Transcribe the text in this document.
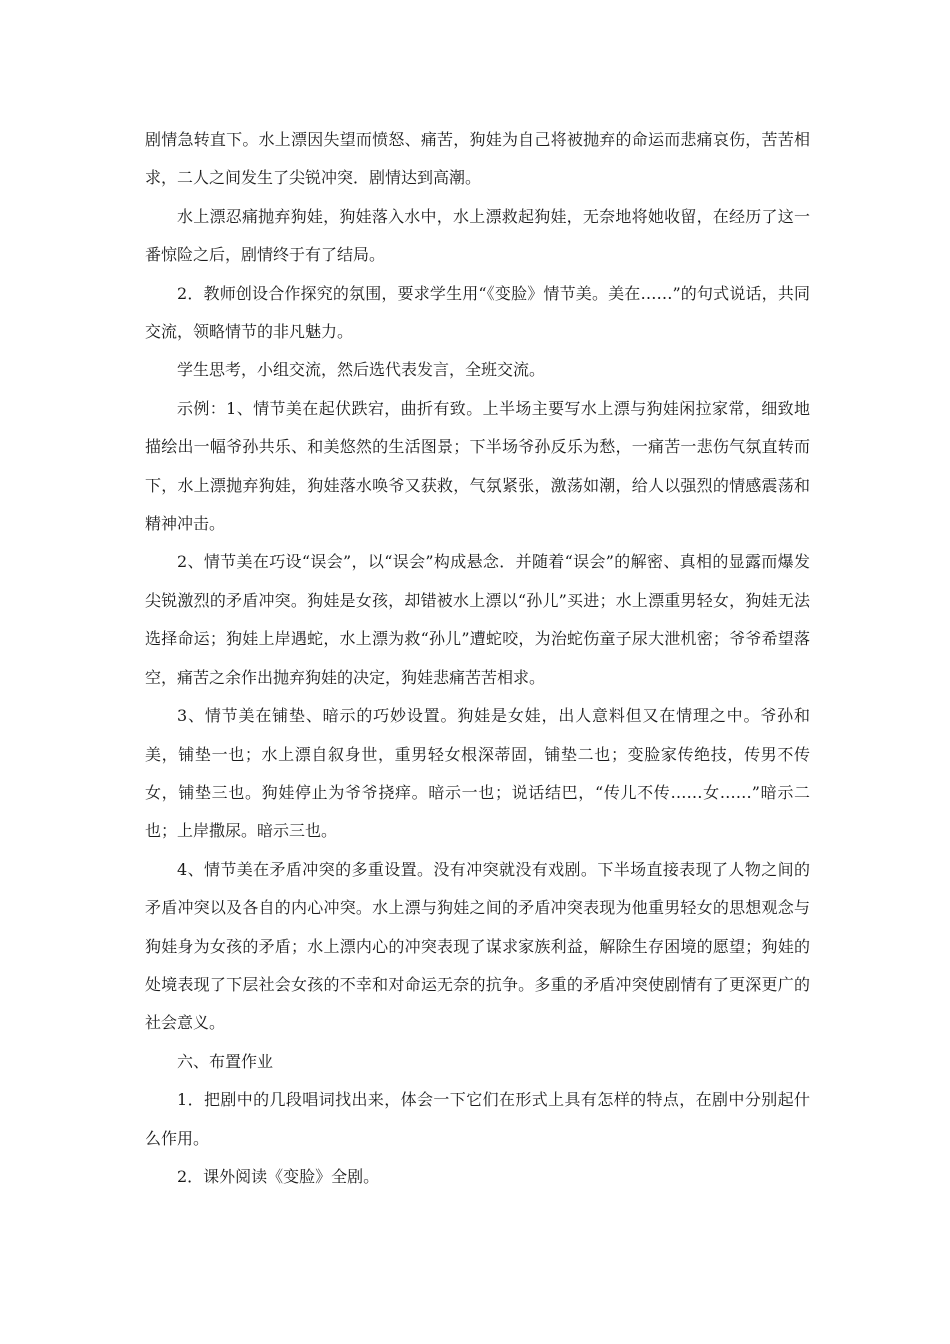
剧情急转直下。水上漂因失望而愤怒、痛苦，狗娃为自己将被抛弃的命运而悲痛哀伤，苦苦相求，二人之间发生了尖锐冲突．剧情达到高潮。

水上漂忍痛抛弃狗娃，狗娃落入水中，水上漂救起狗娃，无奈地将她收留，在经历了这一番惊险之后，剧情终于有了结局。

2．教师创设合作探究的氛围，要求学生用“《变脸》情节美。美在……”的句式说话，共同交流，领略情节的非凡魅力。

学生思考，小组交流，然后选代表发言，全班交流。

示例：1、情节美在起伏跌宕，曲折有致。上半场主要写水上漂与狗娃闲拉家常，细致地描绘出一幅爷孙共乐、和美悠然的生活图景；下半场爷孙反乐为愁，一痛苦一悲伤气氛直转而下，水上漂抛弃狗娃，狗娃落水唤爷又获救，气氛紧张，激荡如潮，给人以强烈的情感震荡和精神冲击。

2、情节美在巧设“误会”，以“误会”构成悬念．并随着“误会”的解密、真相的显露而爆发尖锐激烈的矛盾冲突。狗娃是女孩，却错被水上漂以“孙儿”买进；水上漂重男轻女，狗娃无法选择命运；狗娃上岸遇蛇，水上漂为救“孙儿”遭蛇咬，为治蛇伤童子尿大泄机密；爷爷希望落空，痛苦之余作出抛弃狗娃的决定，狗娃悲痛苦苦相求。

3、情节美在铺垫、暗示的巧妙设置。狗娃是女娃，出人意料但又在情理之中。爷孙和美，铺垫一也；水上漂自叙身世，重男轻女根深蒂固，铺垫二也；变脸家传绝技，传男不传女，铺垫三也。狗娃停止为爷爷挠痒。暗示一也；说话结巴，“传儿不传……女……”暗示二也；上岸撒尿。暗示三也。

4、情节美在矛盾冲突的多重设置。没有冲突就没有戏剧。下半场直接表现了人物之间的矛盾冲突以及各自的内心冲突。水上漂与狗娃之间的矛盾冲突表现为他重男轻女的思想观念与狗娃身为女孩的矛盾；水上漂内心的冲突表现了谋求家族利益，解除生存困境的愿望；狗娃的处境表现了下层社会女孩的不幸和对命运无奈的抗争。多重的矛盾冲突使剧情有了更深更广的社会意义。

六、布置作业

1．把剧中的几段唱词找出来，体会一下它们在形式上具有怎样的特点，在剧中分别起什么作用。

2．课外阅读《变脸》全剧。
